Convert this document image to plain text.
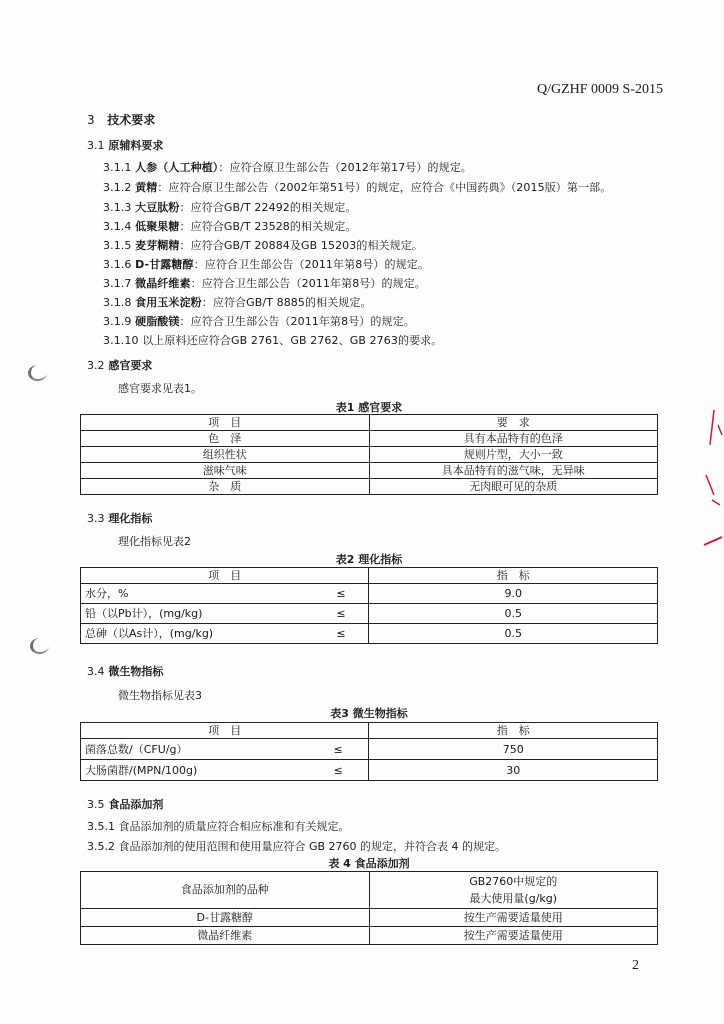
Q/GZHF 0009 S-2015
3 技术要求
3.1 原辅料要求
3.1.1 人参（人工种植）：应符合原卫生部公告（2012年第17号）的规定。
3.1.2 黄精：应符合原卫生部公告（2002年第51号）的规定，应符合《中国药典》（2015版）第一部。
3.1.3 大豆肽粉：应符合GB/T 22492的相关规定。
3.1.4 低聚果糖：应符合GB/T 23528的相关规定。
3.1.5 麦芽糊精：应符合GB/T 20884及GB 15203的相关规定。
3.1.6 D-甘露糖醇：应符合卫生部公告（2011年第8号）的规定。
3.1.7 微晶纤维素：应符合卫生部公告（2011年第8号）的规定。
3.1.8 食用玉米淀粉：应符合GB/T 8885的相关规定。
3.1.9 硬脂酸镁：应符合卫生部公告（2011年第8号）的规定。
3.1.10 以上原料还应符合GB 2761、GB 2762、GB 2763的要求。
3.2 感官要求
感官要求见表1。
表1 感官要求
项　目	要　求
色　泽	具有本品特有的色泽
组织性状	规则片型，大小一致
滋味气味	具本品特有的滋气味，无异味
杂　质	无肉眼可见的杂质
3.3 理化指标
理化指标见表2
表2 理化指标
项　目		指　标
水分，%	≤	9.0
铅（以Pb计），(mg/kg)	≤	0.5
总砷（以As计），(mg/kg)	≤	0.5
3.4 微生物指标
微生物指标见表3
表3 微生物指标
项　目		指　标
菌落总数/（CFU/g）	≤	750
大肠菌群/(MPN/100g)	≤	30
3.5 食品添加剂
3.5.1 食品添加剂的质量应符合相应标准和有关规定。
3.5.2 食品添加剂的使用范围和使用量应符合 GB 2760 的规定，并符合表 4 的规定。
表 4 食品添加剂
食品添加剂的品种	GB2760中规定的
最大使用量(g/kg)

D-甘露糖醇	按生产需要适量使用
微晶纤维素	按生产需要适量使用
2
